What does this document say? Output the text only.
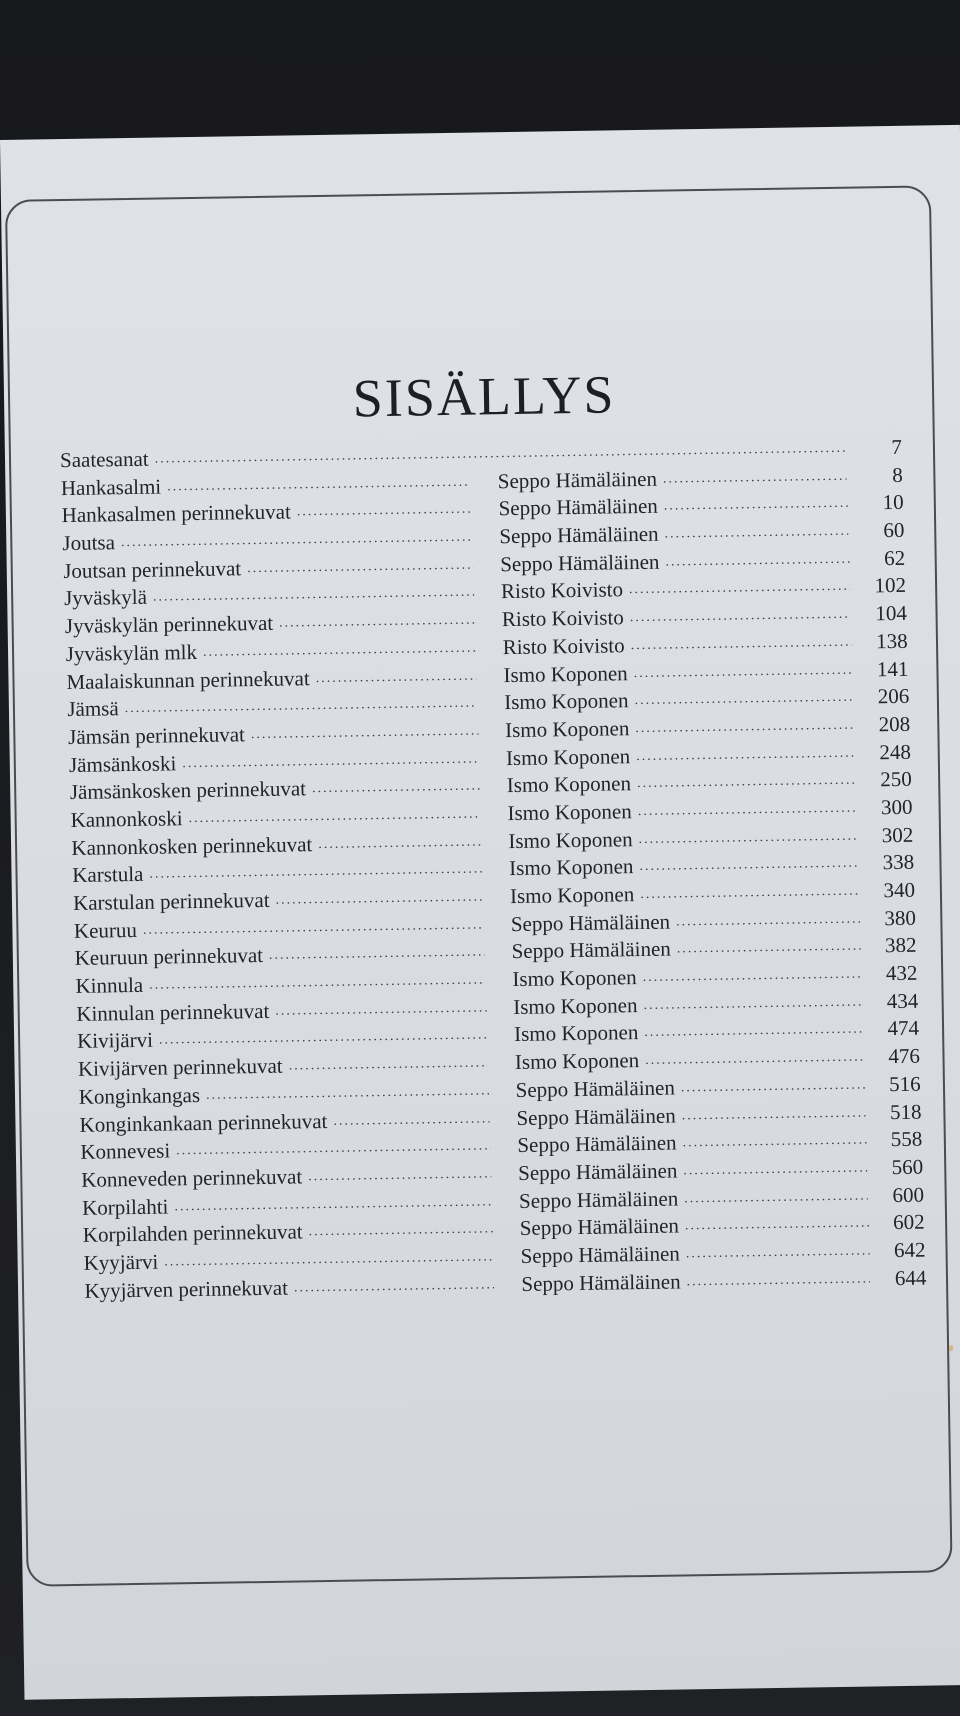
SISÄLLYS
Saatesanat .....	7
Hankasalmi .....	Seppo Hämäläinen .....	8
Hankasalmen perinnekuvat .....	Seppo Hämäläinen .....	10
Joutsa .....	Seppo Hämäläinen .....	60
Joutsan perinnekuvat .....	Seppo Hämäläinen .....	62
Jyväskylä .....	Risto Koivisto .....	102
Jyväskylän perinnekuvat .....	Risto Koivisto .....	104
Jyväskylän mlk .....	Risto Koivisto .....	138
Maalaiskunnan perinnekuvat .....	Ismo Koponen .....	141
Jämsä .....	Ismo Koponen .....	206
Jämsän perinnekuvat .....	Ismo Koponen .....	208
Jämsänkoski .....	Ismo Koponen .....	248
Jämsänkosken perinnekuvat .....	Ismo Koponen .....	250
Kannonkoski .....	Ismo Koponen .....	300
Kannonkosken perinnekuvat .....	Ismo Koponen .....	302
Karstula .....	Ismo Koponen .....	338
Karstulan perinnekuvat .....	Ismo Koponen .....	340
Keuruu .....	Seppo Hämäläinen .....	380
Keuruun perinnekuvat .....	Seppo Hämäläinen .....	382
Kinnula .....	Ismo Koponen .....	432
Kinnulan perinnekuvat .....	Ismo Koponen .....	434
Kivijärvi .....	Ismo Koponen .....	474
Kivijärven perinnekuvat .....	Ismo Koponen .....	476
Konginkangas .....	Seppo Hämäläinen .....	516
Konginkankaan perinnekuvat .....	Seppo Hämäläinen .....	518
Konnevesi .....	Seppo Hämäläinen .....	558
Konneveden perinnekuvat .....	Seppo Hämäläinen .....	560
Korpilahti .....	Seppo Hämäläinen .....	600
Korpilahden perinnekuvat .....	Seppo Hämäläinen .....	602
Kyyjärvi .....	Seppo Hämäläinen .....	642
Kyyjärven perinnekuvat .....	Seppo Hämäläinen .....	644
